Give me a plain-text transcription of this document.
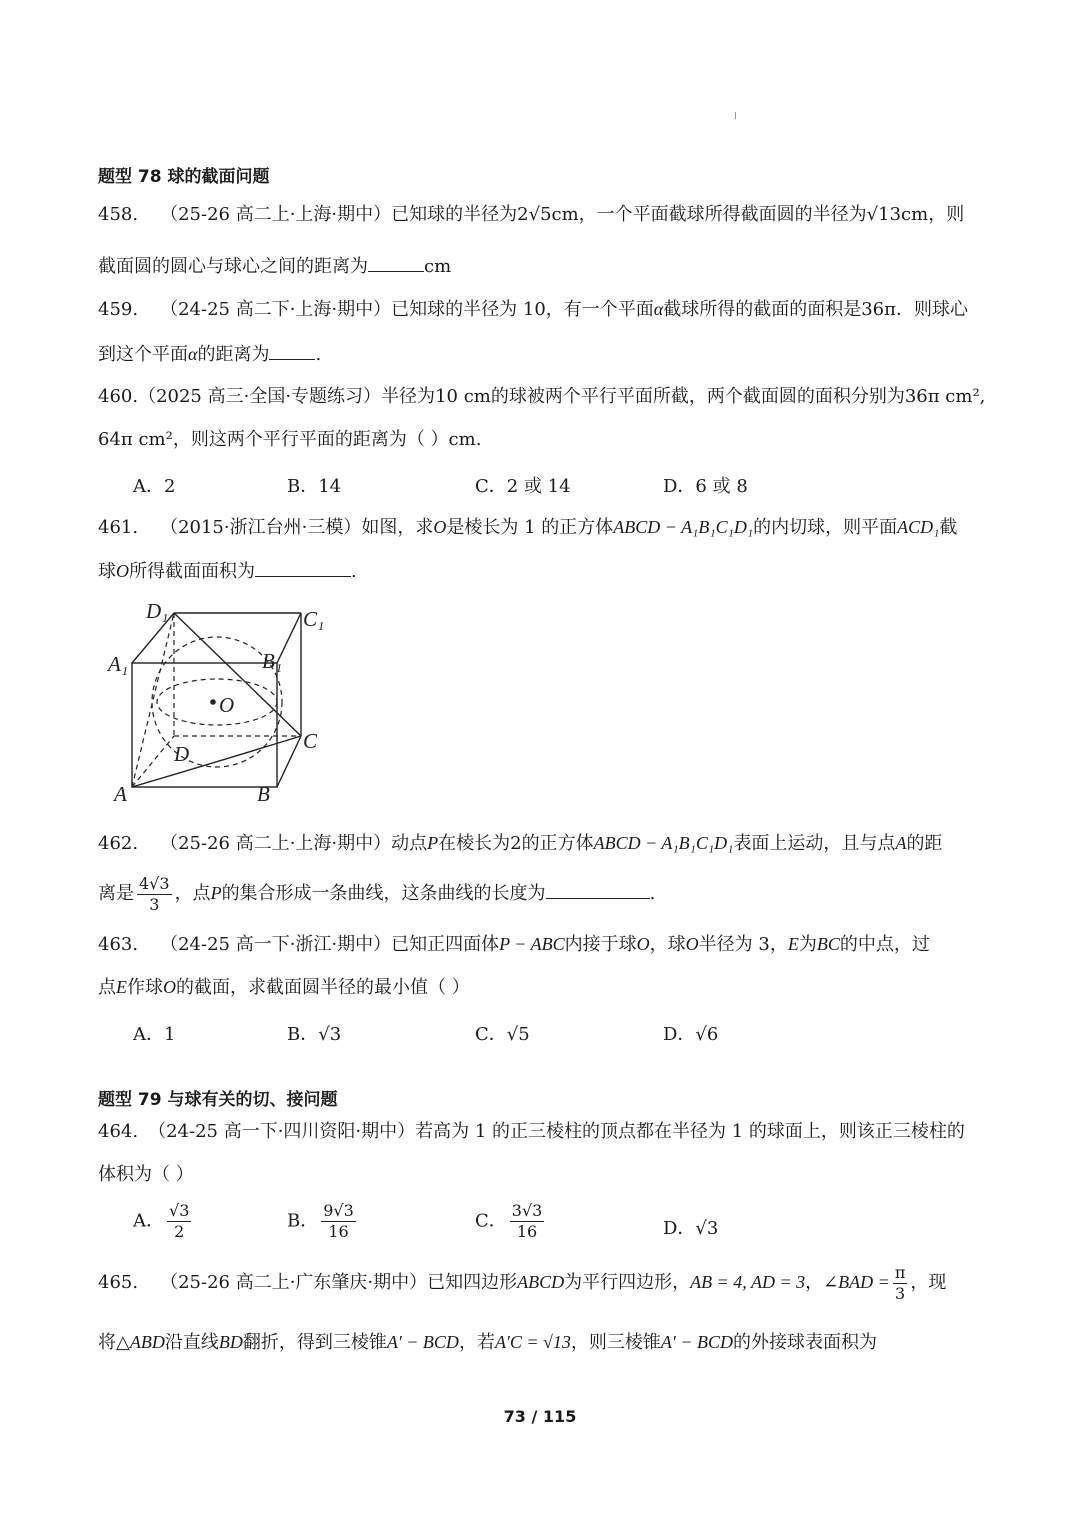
题型 78 球的截面问题
458. （25-26 高二上·上海·期中）已知球的半径为2√5cm，一个平面截球所得截面圆的半径为√13cm，则
截面圆的圆心与球心之间的距离为	cm
459. （24-25 高二下·上海·期中）已知球的半径为 10，有一个平面α截球所得的截面的面积是36π．则球心
到这个平面α的距离为	.
460.（2025 高三·全国·专题练习）半径为10 cm的球被两个平行平面所截，两个截面圆的面积分别为36π cm²,
64π cm²，则这两个平行平面的距离为（ ）cm.
A．2	B．14	C．2 或 14	D．6 或 8
461. （2015·浙江台州·三模）如图，求O是棱长为 1 的正方体ABCD − A₁B₁C₁D₁的内切球，则平面ACD₁截
球O所得截面面积为	.
D₁	C₁
A₁	B₁
O
C
D
A	B
462. （25-26 高二上·上海·期中）动点P在棱长为2的正方体ABCD − A₁B₁C₁D₁表面上运动，且与点A的距
离是 $\frac{4√3}{3}$ ，点P的集合形成一条曲线，这条曲线的长度为	.
463. （24-25 高一下·浙江·期中）已知正四面体P − ABC内接于球O，球O半径为 3，E为BC的中点，过
点E作球O的截面，求截面圆半径的最小值（ ）
A．1	B．√3	C．√5	D．√6
题型 79 与球有关的切、接问题
464. （24-25 高一下·四川资阳·期中）若高为 1 的正三棱柱的顶点都在半径为 1 的球面上，则该正三棱柱的
体积为（ ）
A． $\frac{√3}{2}$	B． $\frac{9√3}{16}$	C． $\frac{3√3}{16}$	D．√3
465. （25-26 高二上·广东肇庆·期中）已知四边形ABCD为平行四边形，AB = 4, AD = 3，∠BAD = $\frac{\pi}{3}$ ，现
将△ABD沿直线BD翻折，得到三棱锥A′ − BCD，若A′C = √13，则三棱锥A′ − BCD的外接球表面积为
73 / 115
